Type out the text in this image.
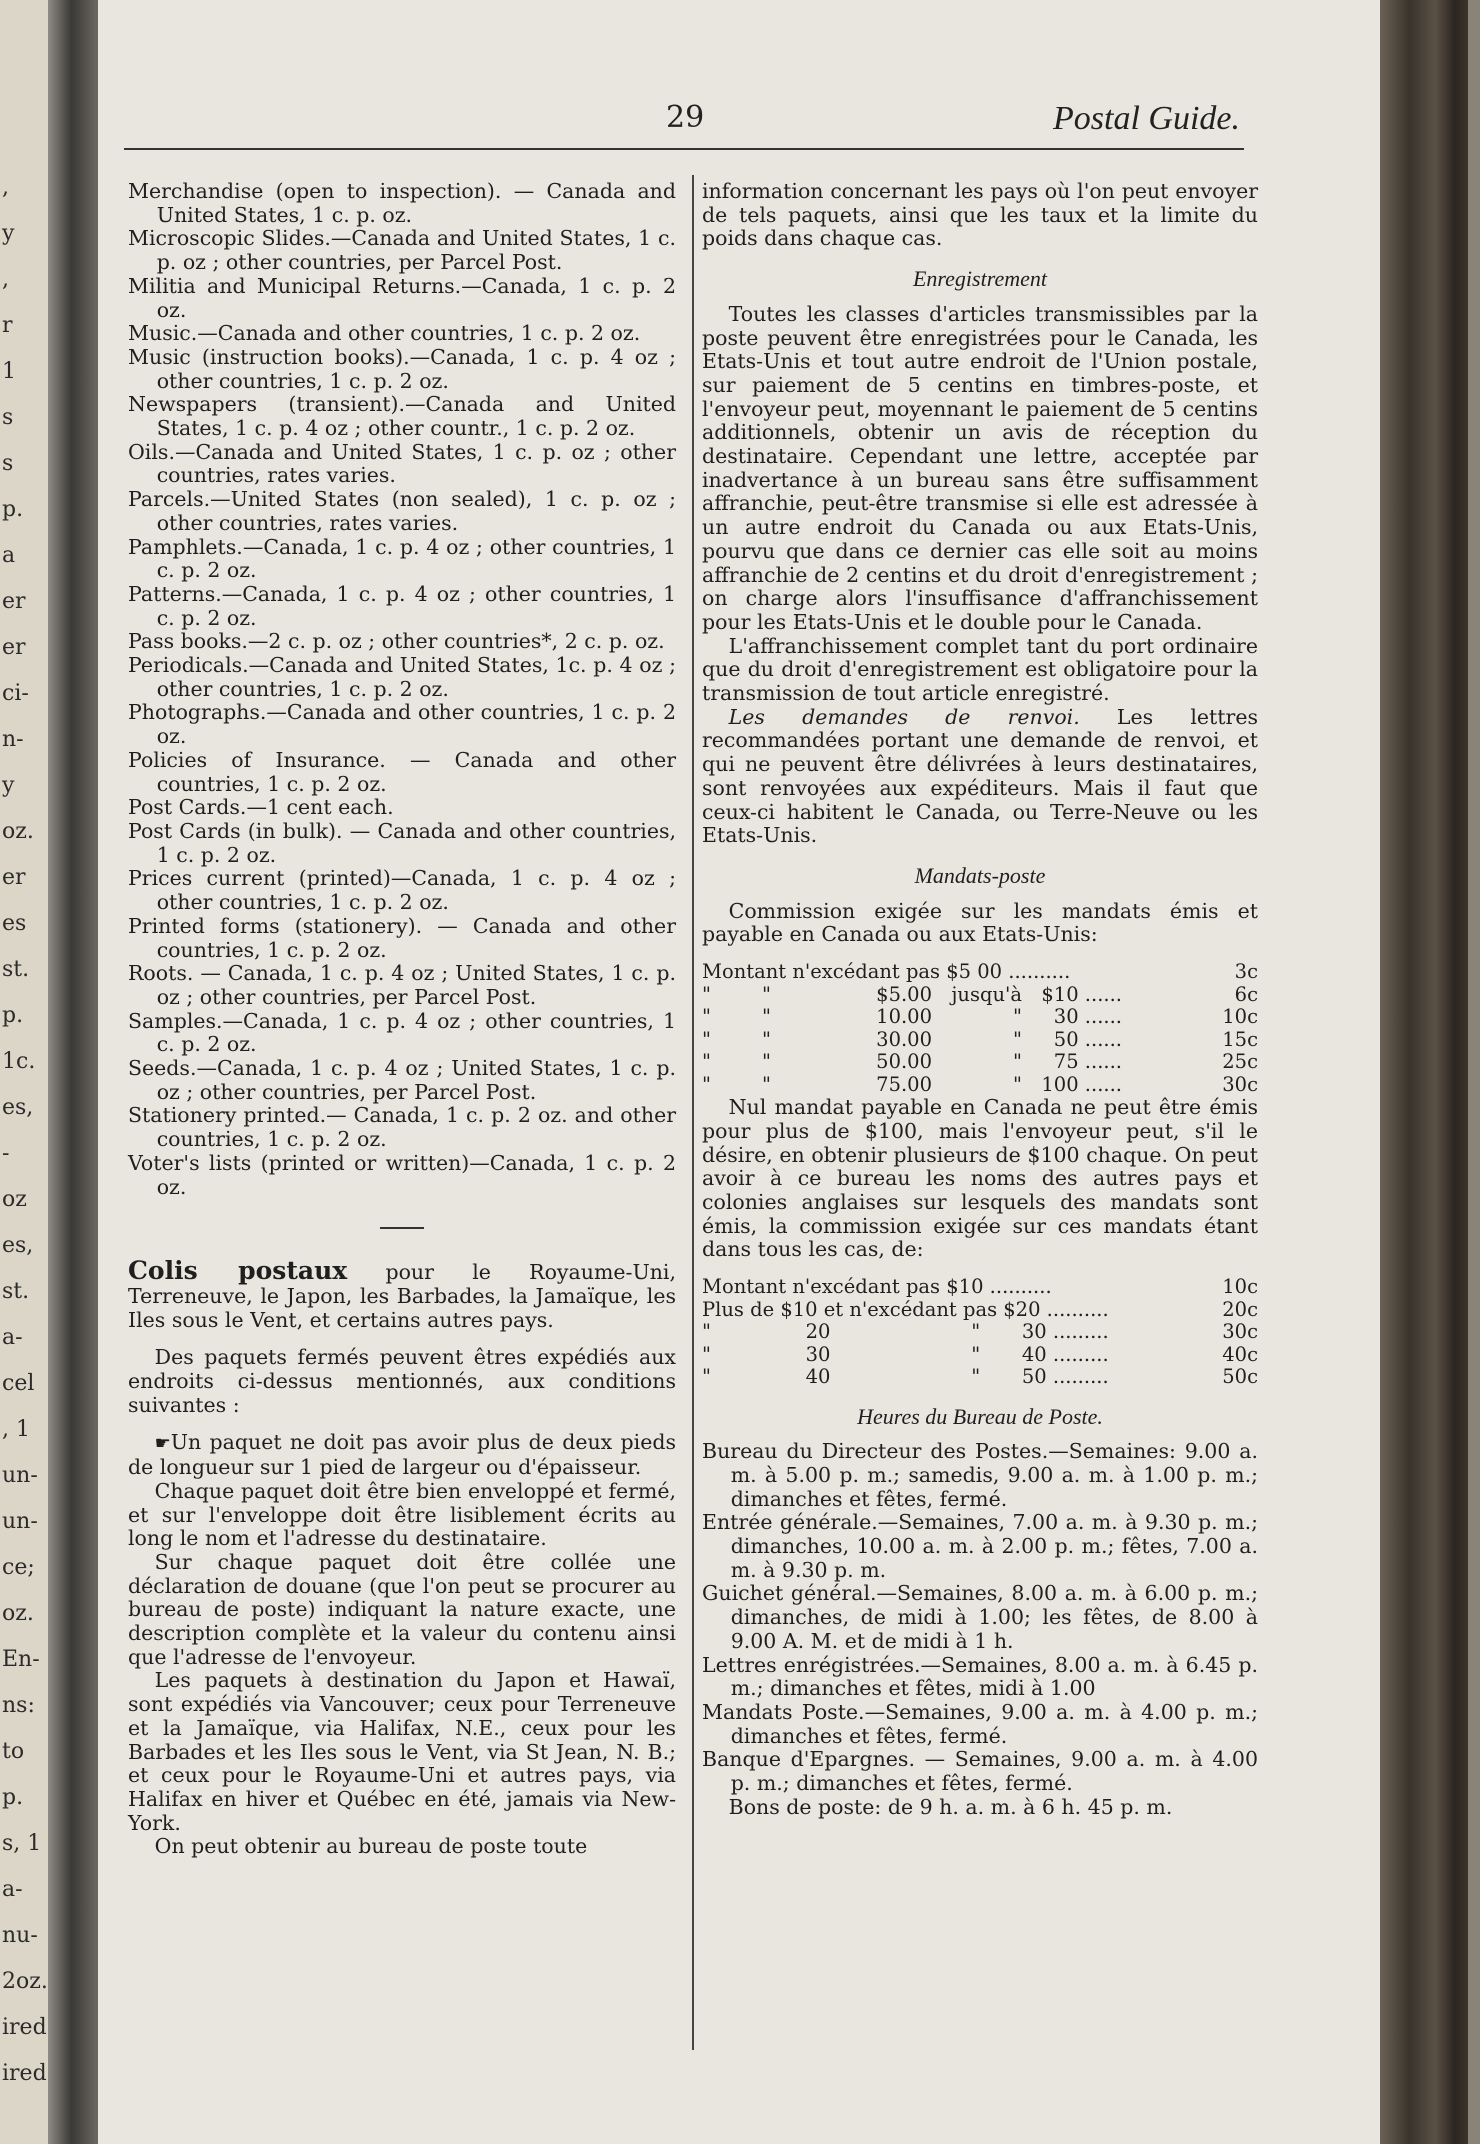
,
y
,
r
1
s
s
p.
a
er
er
ci-
n-
y
oz.
er
es
st.
p.
1c.
es,
-
oz
es,
st.
a-
cel
, 1
un-
un-
ce;
oz.
En-
ns:
to
p.
s, 1
a-
nu-
2oz.
ired
ired
29	Postal Guide.

Merchandise (open to inspection). — Canada and United States, 1 c. p. oz.

Microscopic Slides.—Canada and United States, 1 c. p. oz ; other countries, per Parcel Post.

Militia and Municipal Returns.—Canada, 1 c. p. 2 oz.

Music.—Canada and other countries, 1 c. p. 2 oz.

Music (instruction books).—Canada, 1 c. p. 4 oz ; other countries, 1 c. p. 2 oz.

Newspapers (transient).—Canada and United States, 1 c. p. 4 oz ; other countr., 1 c. p. 2 oz.

Oils.—Canada and United States, 1 c. p. oz ; other countries, rates varies.

Parcels.—United States (non sealed), 1 c. p. oz ; other countries, rates varies.

Pamphlets.—Canada, 1 c. p. 4 oz ; other countries, 1 c. p. 2 oz.

Patterns.—Canada, 1 c. p. 4 oz ; other countries, 1 c. p. 2 oz.

Pass books.—2 c. p. oz ; other countries*, 2 c. p. oz.

Periodicals.—Canada and United States, 1c. p. 4 oz ; other countries, 1 c. p. 2 oz.

Photographs.—Canada and other countries, 1 c. p. 2 oz.

Policies of Insurance. — Canada and other countries, 1 c. p. 2 oz.

Post Cards.—1 cent each.

Post Cards (in bulk). — Canada and other countries, 1 c. p. 2 oz.

Prices current (printed)—Canada, 1 c. p. 4 oz ; other countries, 1 c. p. 2 oz.

Printed forms (stationery). — Canada and other countries, 1 c. p. 2 oz.

Roots. — Canada, 1 c. p. 4 oz ; United States, 1 c. p. oz ; other countries, per Parcel Post.

Samples.—Canada, 1 c. p. 4 oz ; other countries, 1 c. p. 2 oz.

Seeds.—Canada, 1 c. p. 4 oz ; United States, 1 c. p. oz ; other countries, per Parcel Post.

Stationery printed.— Canada, 1 c. p. 2 oz. and other countries, 1 c. p. 2 oz.

Voter's lists (printed or written)—Canada, 1 c. p. 2 oz.

Colis postaux pour le Royaume-Uni, Terreneuve, le Japon, les Barbades, la Jamaïque, les Iles sous le Vent, et certains autres pays.

Des paquets fermés peuvent êtres expédiés aux endroits ci-dessus mentionnés, aux conditions suivantes :

☛Un paquet ne doit pas avoir plus de deux pieds de longueur sur 1 pied de largeur ou d'épaisseur.

Chaque paquet doit être bien enveloppé et fermé, et sur l'enveloppe doit être lisiblement écrits au long le nom et l'adresse du destinataire.

Sur chaque paquet doit être collée une déclaration de douane (que l'on peut se procurer au bureau de poste) indiquant la nature exacte, une description complète et la valeur du contenu ainsi que l'adresse de l'envoyeur.

Les paquets à destination du Japon et Hawaï, sont expédiés via Vancouver; ceux pour Terreneuve et la Jamaïque, via Halifax, N.E., ceux pour les Barbades et les Iles sous le Vent, via St Jean, N. B.; et ceux pour le Royaume-Uni et autres pays, via Halifax en hiver et Québec en été, jamais via New-York.

On peut obtenir au bureau de poste toute

information concernant les pays où l'on peut envoyer de tels paquets, ainsi que les taux et la limite du poids dans chaque cas.

Enregistrement

Toutes les classes d'articles transmissibles par la poste peuvent être enregistrées pour le Canada, les Etats-Unis et tout autre endroit de l'Union postale, sur paiement de 5 centins en timbres-poste, et l'envoyeur peut, moyennant le paiement de 5 centins additionnels, obtenir un avis de réception du destinataire. Cependant une lettre, acceptée par inadvertance à un bureau sans être suffisamment affranchie, peut-être transmise si elle est adressée à un autre endroit du Canada ou aux Etats-Unis, pourvu que dans ce dernier cas elle soit au moins affranchie de 2 centins et du droit d'enregistrement ; on charge alors l'insuffisance d'affranchissement pour les Etats-Unis et le double pour le Canada.

L'affranchissement complet tant du port ordinaire que du droit d'enregistrement est obligatoire pour la transmission de tout article enregistré.

Les demandes de renvoi. Les lettres recommandées portant une demande de renvoi, et qui ne peuvent être délivrées à leurs destinataires, sont renvoyées aux expéditeurs. Mais il faut que ceux-ci habitent le Canada, ou Terre-Neuve ou les Etats-Unis.

Mandats-poste

Commission exigée sur les mandats émis et payable en Canada ou aux Etats-Unis:

Montant n'excédant pas $5 00 ..........					3c
"	"	$5.00	jusqu'à	$10 ......	6c
"	"	10.00	"	30 ......	10c
"	"	30.00	"	50 ......	15c
"	"	50.00	"	75 ......	25c
"	"	75.00	"	100 ......	30c

Nul mandat payable en Canada ne peut être émis pour plus de $100, mais l'envoyeur peut, s'il le désire, en obtenir plusieurs de $100 chaque. On peut avoir à ce bureau les noms des autres pays et colonies anglaises sur lesquels des mandats sont émis, la commission exigée sur ces mandats étant dans tous les cas, de:

Montant n'excédant pas $10 ..........				10c
Plus de $10 et n'excédant pas $20 ..........				20c
"	20	"	30 .........	30c
"	30	"	40 .........	40c
"	40	"	50 .........	50c
Heures du Bureau de Poste.

Bureau du Directeur des Postes.—Semaines: 9.00 a. m. à 5.00 p. m.; samedis, 9.00 a. m. à 1.00 p. m.; dimanches et fêtes, fermé.

Entrée générale.—Semaines, 7.00 a. m. à 9.30 p. m.; dimanches, 10.00 a. m. à 2.00 p. m.; fêtes, 7.00 a. m. à 9.30 p. m.

Guichet général.—Semaines, 8.00 a. m. à 6.00 p. m.; dimanches, de midi à 1.00; les fêtes, de 8.00 à 9.00 A. M. et de midi à 1 h.

Lettres enrégistrées.—Semaines, 8.00 a. m. à 6.45 p. m.; dimanches et fêtes, midi à 1.00

Mandats Poste.—Semaines, 9.00 a. m. à 4.00 p. m.; dimanches et fêtes, fermé.

Banque d'Epargnes. — Semaines, 9.00 a. m. à 4.00 p. m.; dimanches et fêtes, fermé.

Bons de poste: de 9 h. a. m. à 6 h. 45 p. m.
